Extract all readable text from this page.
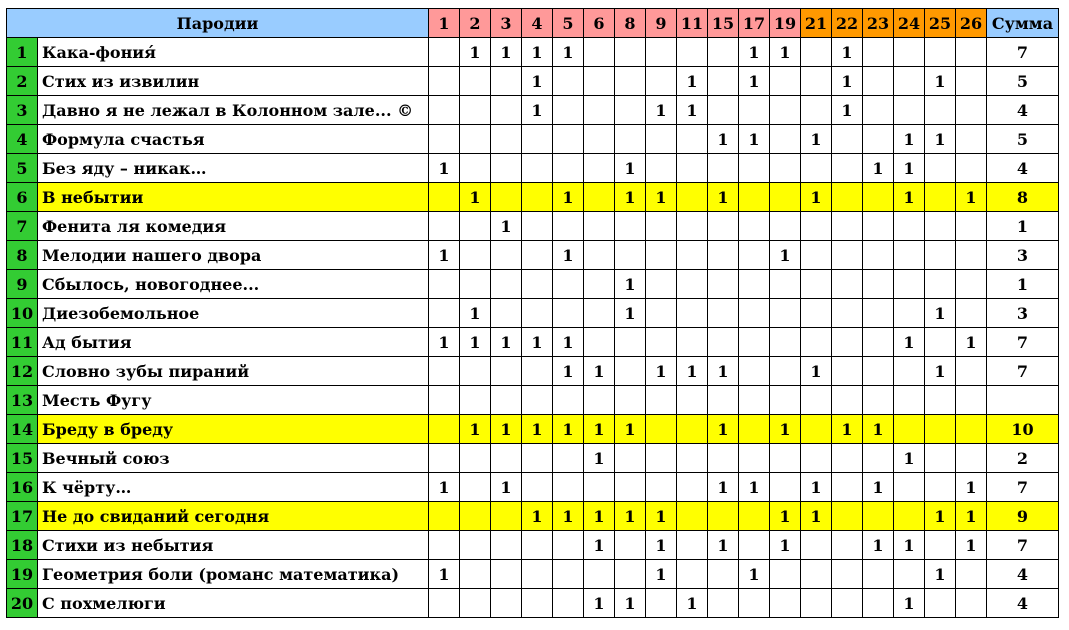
Пародии		1	2	3	4	5	6	8	9	11	15	17	19	21	22	23	24	25	26	Сумма
1	Кака-фония́		1	1	1	1						1	1		1					7
2	Стих из извилин				1					1		1			1			1		5
3	Давно я не лежал в Колонном зале... ©				1				1	1					1					4
4	Формула счастья										1	1		1			1	1		5
5	Без яду – никак…	1						1								1	1			4
6	В небытии		1			1		1	1		1			1			1		1	8
7	Фенита ля комедия			1																1
8	Мелодии нашего двора	1				1							1							3
9	Сбылось, новогоднее...							1												1
10	Диезобемольное		1					1										1		3
11	Ад бытия	1	1	1	1	1											1		1	7
12	Словно зубы пираний					1	1		1	1	1			1				1		7
13	Месть Фугу																			
14	Бреду в бреду		1	1	1	1	1	1			1		1		1	1				10
15	Вечный союз						1										1			2
16	К чёрту…	1		1							1	1		1		1			1	7
17	Не до свиданий сегодня				1	1	1	1	1				1	1				1	1	9
18	Стихи из небытия						1		1		1		1			1	1		1	7
19	Геометрия боли (романс математика)	1							1			1						1		4
20	С похмелюги						1	1		1							1			4
